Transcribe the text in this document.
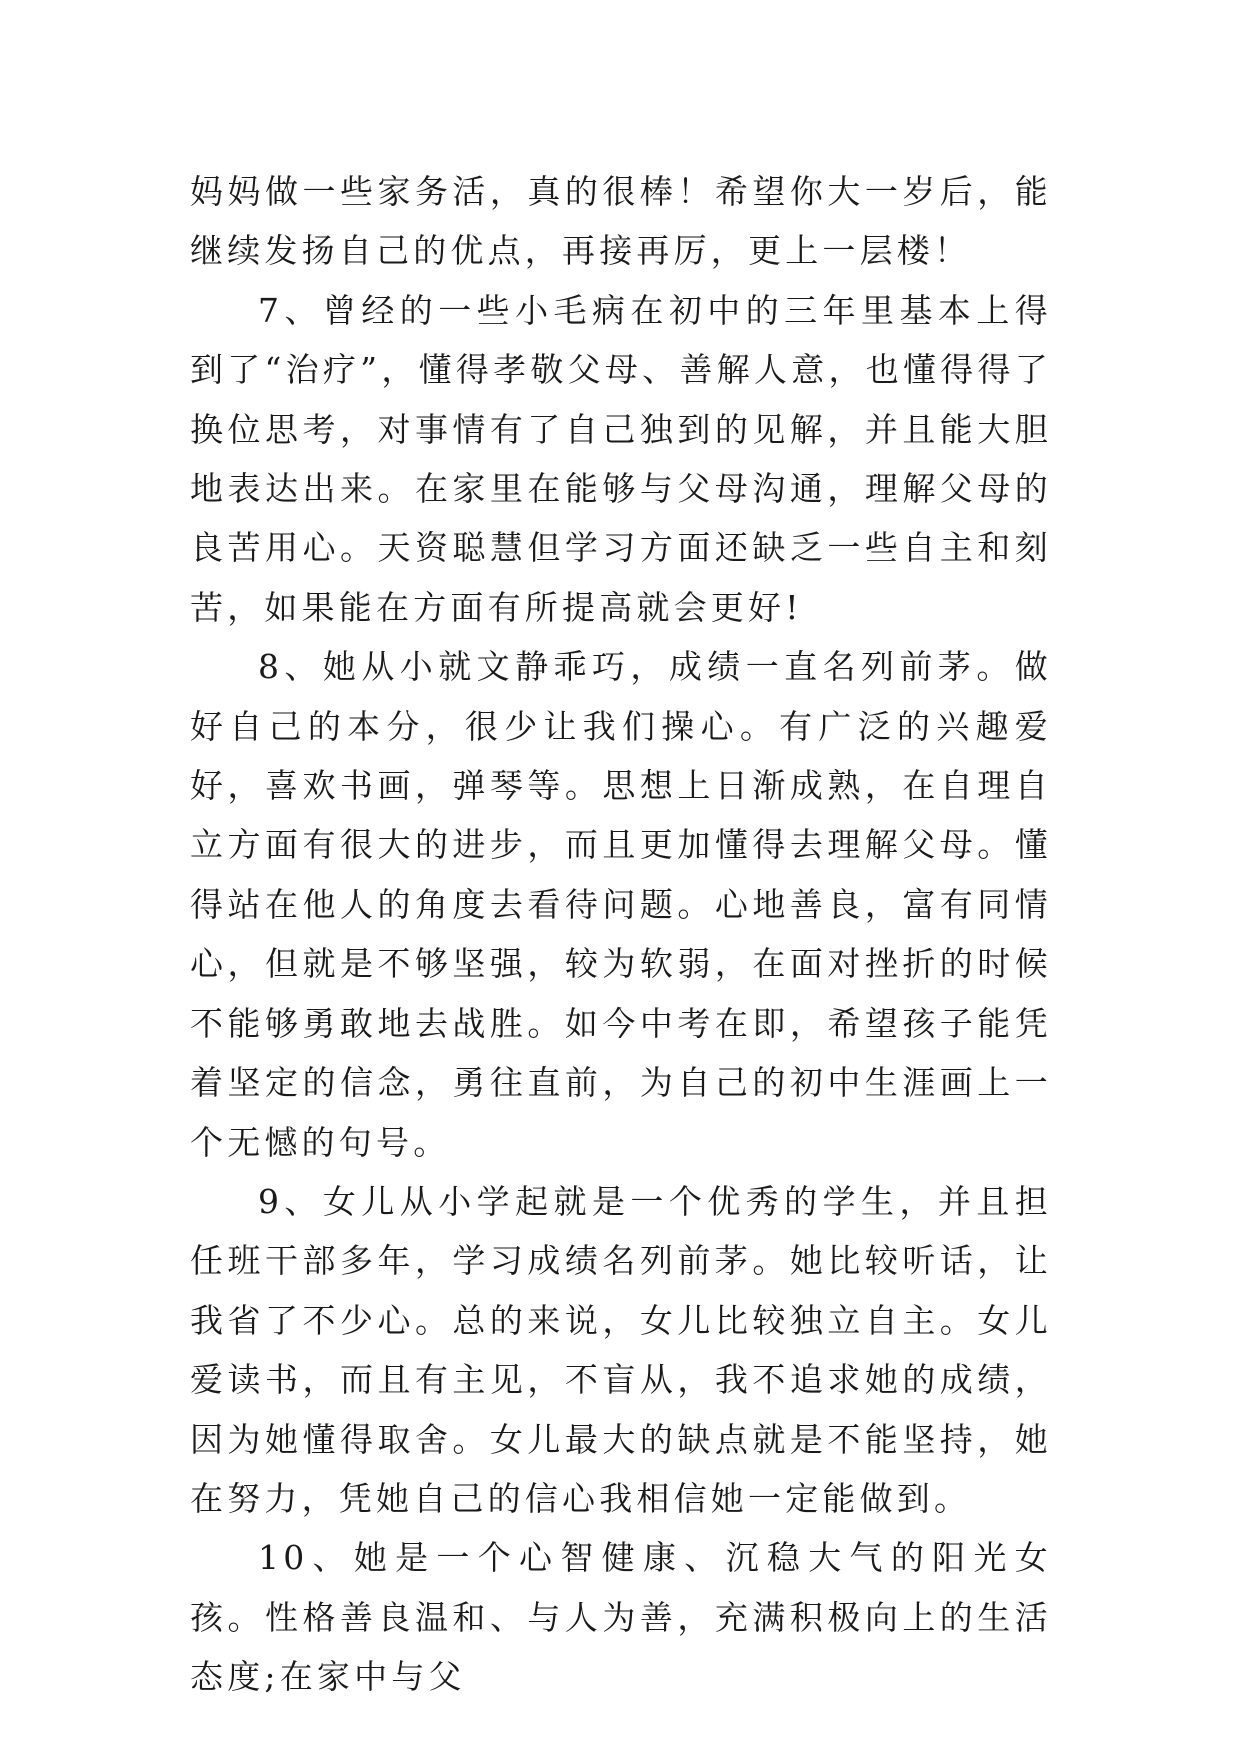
妈妈做一些家务活，真的很棒！希望你大一岁后，能继续发扬自己的优点，再接再厉，更上一层楼！

7、曾经的一些小毛病在初中的三年里基本上得到了“治疗”，懂得孝敬父母、善解人意，也懂得得了换位思考，对事情有了自己独到的见解，并且能大胆地表达出来。在家里在能够与父母沟通，理解父母的良苦用心。天资聪慧但学习方面还缺乏一些自主和刻苦，如果能在方面有所提高就会更好!

8、她从小就文静乖巧，成绩一直名列前茅。做好自己的本分，很少让我们操心。有广泛的兴趣爱好，喜欢书画，弹琴等。思想上日渐成熟，在自理自立方面有很大的进步，而且更加懂得去理解父母。懂得站在他人的角度去看待问题。心地善良，富有同情心，但就是不够坚强，较为软弱，在面对挫折的时候不能够勇敢地去战胜。如今中考在即，希望孩子能凭着坚定的信念，勇往直前，为自己的初中生涯画上一个无憾的句号。

9、女儿从小学起就是一个优秀的学生，并且担任班干部多年，学习成绩名列前茅。她比较听话，让我省了不少心。总的来说，女儿比较独立自主。女儿爱读书，而且有主见，不盲从，我不追求她的成绩，因为她懂得取舍。女儿最大的缺点就是不能坚持，她在努力，凭她自己的信心我相信她一定能做到。

10、她是一个心智健康、沉稳大气的阳光女孩。性格善良温和、与人为善，充满积极向上的生活态度;在家中与父
